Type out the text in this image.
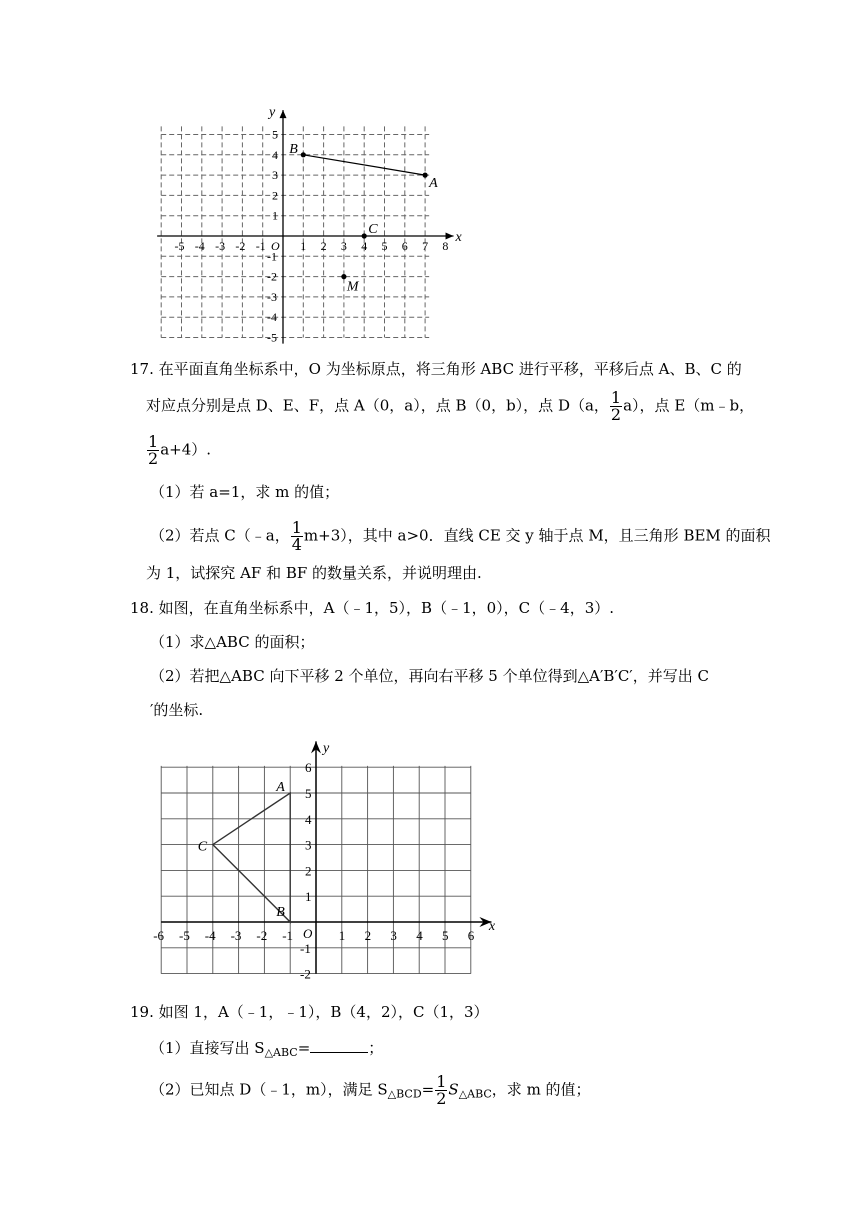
x
y
-5 -4 -3 -2 -1 O 1 2 3 4 5 6 7 8
5
4
3
2
1
-1
-2
-3
-4
-5
A
B
C
M
17. 在平面直角坐标系中，O 为坐标原点，将三角形 ABC 进行平移，平移后点 A、B、C 的
对应点分别是点 D、E、F，点 A（0，a），点 B（0，b），点 D（a， $\frac{1}{2} a$），点 E（m﹣b，
$\frac{1}{2} a+4$）.
（1）若 a=1，求 m 的值；
（2）若点 C（﹣a， $\frac{1}{4} m+3$），其中 a>0．直线 CE 交 y 轴于点 M，且三角形 BEM 的面积
为 1，试探究 AF 和 BF 的数量关系，并说明理由.
18. 如图，在直角坐标系中，A（﹣1，5），B（﹣1，0），C（﹣4，3）.
（1）求△ABC 的面积；
（2）若把△ABC 向下平移 2 个单位，再向右平移 5 个单位得到△A′B′C′，并写出 C
′的坐标.
x
y
-6 -5 -4 -3 -2 -1	1 2 3 4 5 6
O
6
5
4
3
2
1
-1
-2
A
B
C
19. 如图 1，A（﹣1，﹣1），B（4，2），C（1，3）
（1）直接写出 $S_{\triangle ABC}=$	；
（2）已知点 D（﹣1，m），满足 $S_{\triangle BCD}= \frac{1}{2} S_{\triangle ABC}$，求 m 的值；
